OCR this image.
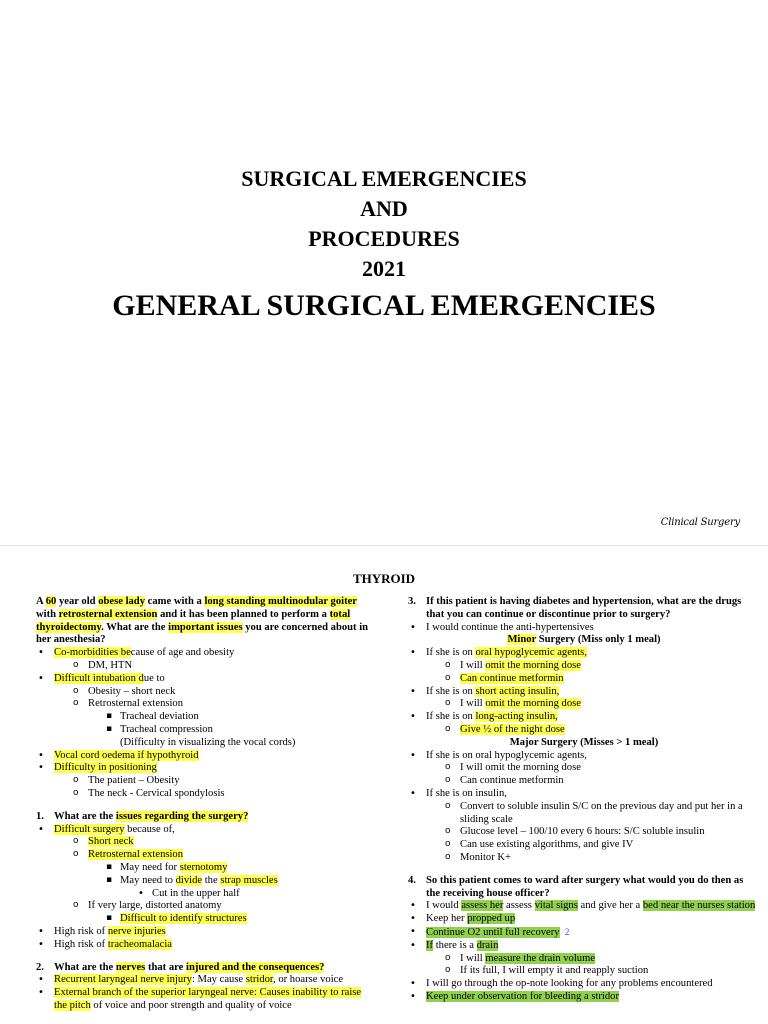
SURGICAL EMERGENCIES
AND
PROCEDURES
2021
GENERAL SURGICAL EMERGENCIES
Clinical Surgery
THYROID
A 60 year old obese lady came with a long standing multinodular goiter with retrosternal extension and it has been planned to perform a total thyroidectomy. What are the important issues you are concerned about in her anesthesia?
• Co-morbidities because of age and obesity
o DM, HTN
• Difficult intubation due to
o Obesity – short neck
o Retrosternal extension
▪ Tracheal deviation
▪ Tracheal compression
(Difficulty in visualizing the vocal cords)
• Vocal cord oedema if hypothyroid
• Difficulty in positioning
o The patient – Obesity
o The neck - Cervical spondylosis
1. What are the issues regarding the surgery?
• Difficult surgery because of,
o Short neck
o Retrosternal extension
▪ May need for sternotomy
▪ May need to divide the strap muscles
• Cut in the upper half
o If very large, distorted anatomy
▪ Difficult to identify structures
• High risk of nerve injuries
• High risk of tracheomalacia
2. What are the nerves that are injured and the consequences?
• Recurrent laryngeal nerve injury: May cause stridor, or hoarse voice
• External branch of the superior laryngeal nerve: Causes inability to raise the pitch of voice and poor strength and quality of voice
3. If this patient is having diabetes and hypertension, what are the drugs that you can continue or discontinue prior to surgery?
• I would continue the anti-hypertensives
Minor Surgery (Miss only 1 meal)
• If she is on oral hypoglycemic agents,
o I will omit the morning dose
o Can continue metformin
• If she is on short acting insulin,
o I will omit the morning dose
• If she is on long-acting insulin,
o Give ½ of the night dose
Major Surgery (Misses > 1 meal)
• If she is on oral hypoglycemic agents,
o I will omit the morning dose
o Can continue metformin
• If she is on insulin,
o Convert to soluble insulin S/C on the previous day and put her in a sliding scale
o Glucose level – 100/10 every 6 hours: S/C soluble insulin
o Can use existing algorithms, and give IV
o Monitor K+
4. So this patient comes to ward after surgery what would you do then as the receiving house officer?
• I would assess her assess vital signs and give her a bed near the nurses station
• Keep her propped up
• Continue O2 until full recovery 2
• If there is a drain
o I will measure the drain volume
o If its full, I will empty it and reapply suction
• I will go through the op-note looking for any problems encountered
• Keep under observation for bleeding a stridor
